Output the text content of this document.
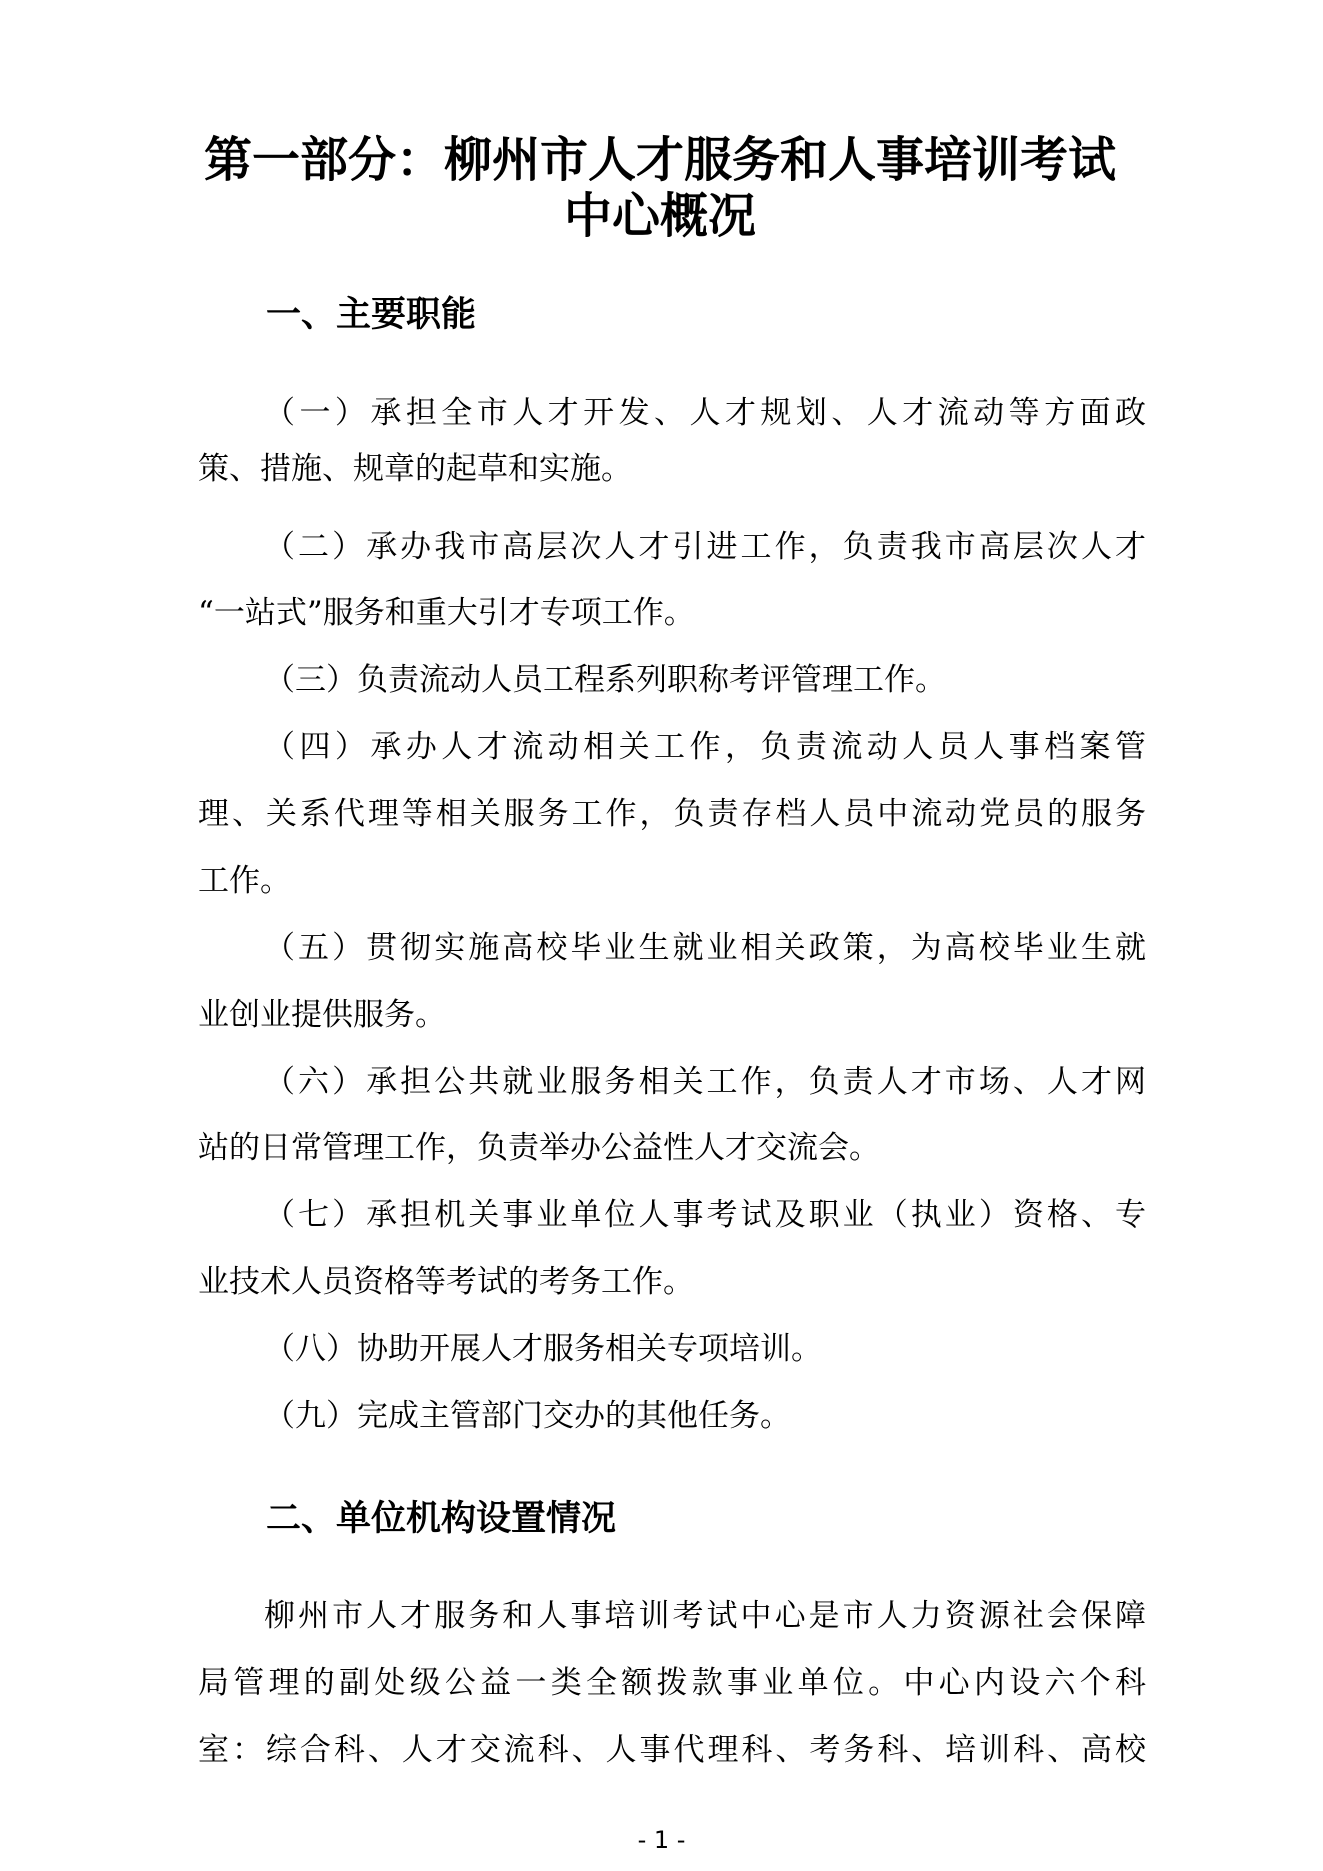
第一部分：柳州市人才服务和人事培训考试
中心概况
一、主要职能

（一）承担全市人才开发、人才规划、人才流动等方面政

策、措施、规章的起草和实施。

（二）承办我市高层次人才引进工作，负责我市高层次人才

“一站式”服务和重大引才专项工作。

（三）负责流动人员工程系列职称考评管理工作。

（四）承办人才流动相关工作，负责流动人员人事档案管

理、关系代理等相关服务工作，负责存档人员中流动党员的服务

工作。

（五）贯彻实施高校毕业生就业相关政策，为高校毕业生就

业创业提供服务。

（六）承担公共就业服务相关工作，负责人才市场、人才网

站的日常管理工作，负责举办公益性人才交流会。

（七）承担机关事业单位人事考试及职业（执业）资格、专

业技术人员资格等考试的考务工作。

（八）协助开展人才服务相关专项培训。

（九）完成主管部门交办的其他任务。

二、单位机构设置情况

柳州市人才服务和人事培训考试中心是市人力资源社会保障

局管理的副处级公益一类全额拨款事业单位。中心内设六个科

室：综合科、人才交流科、人事代理科、考务科、培训科、高校

- 1 -
